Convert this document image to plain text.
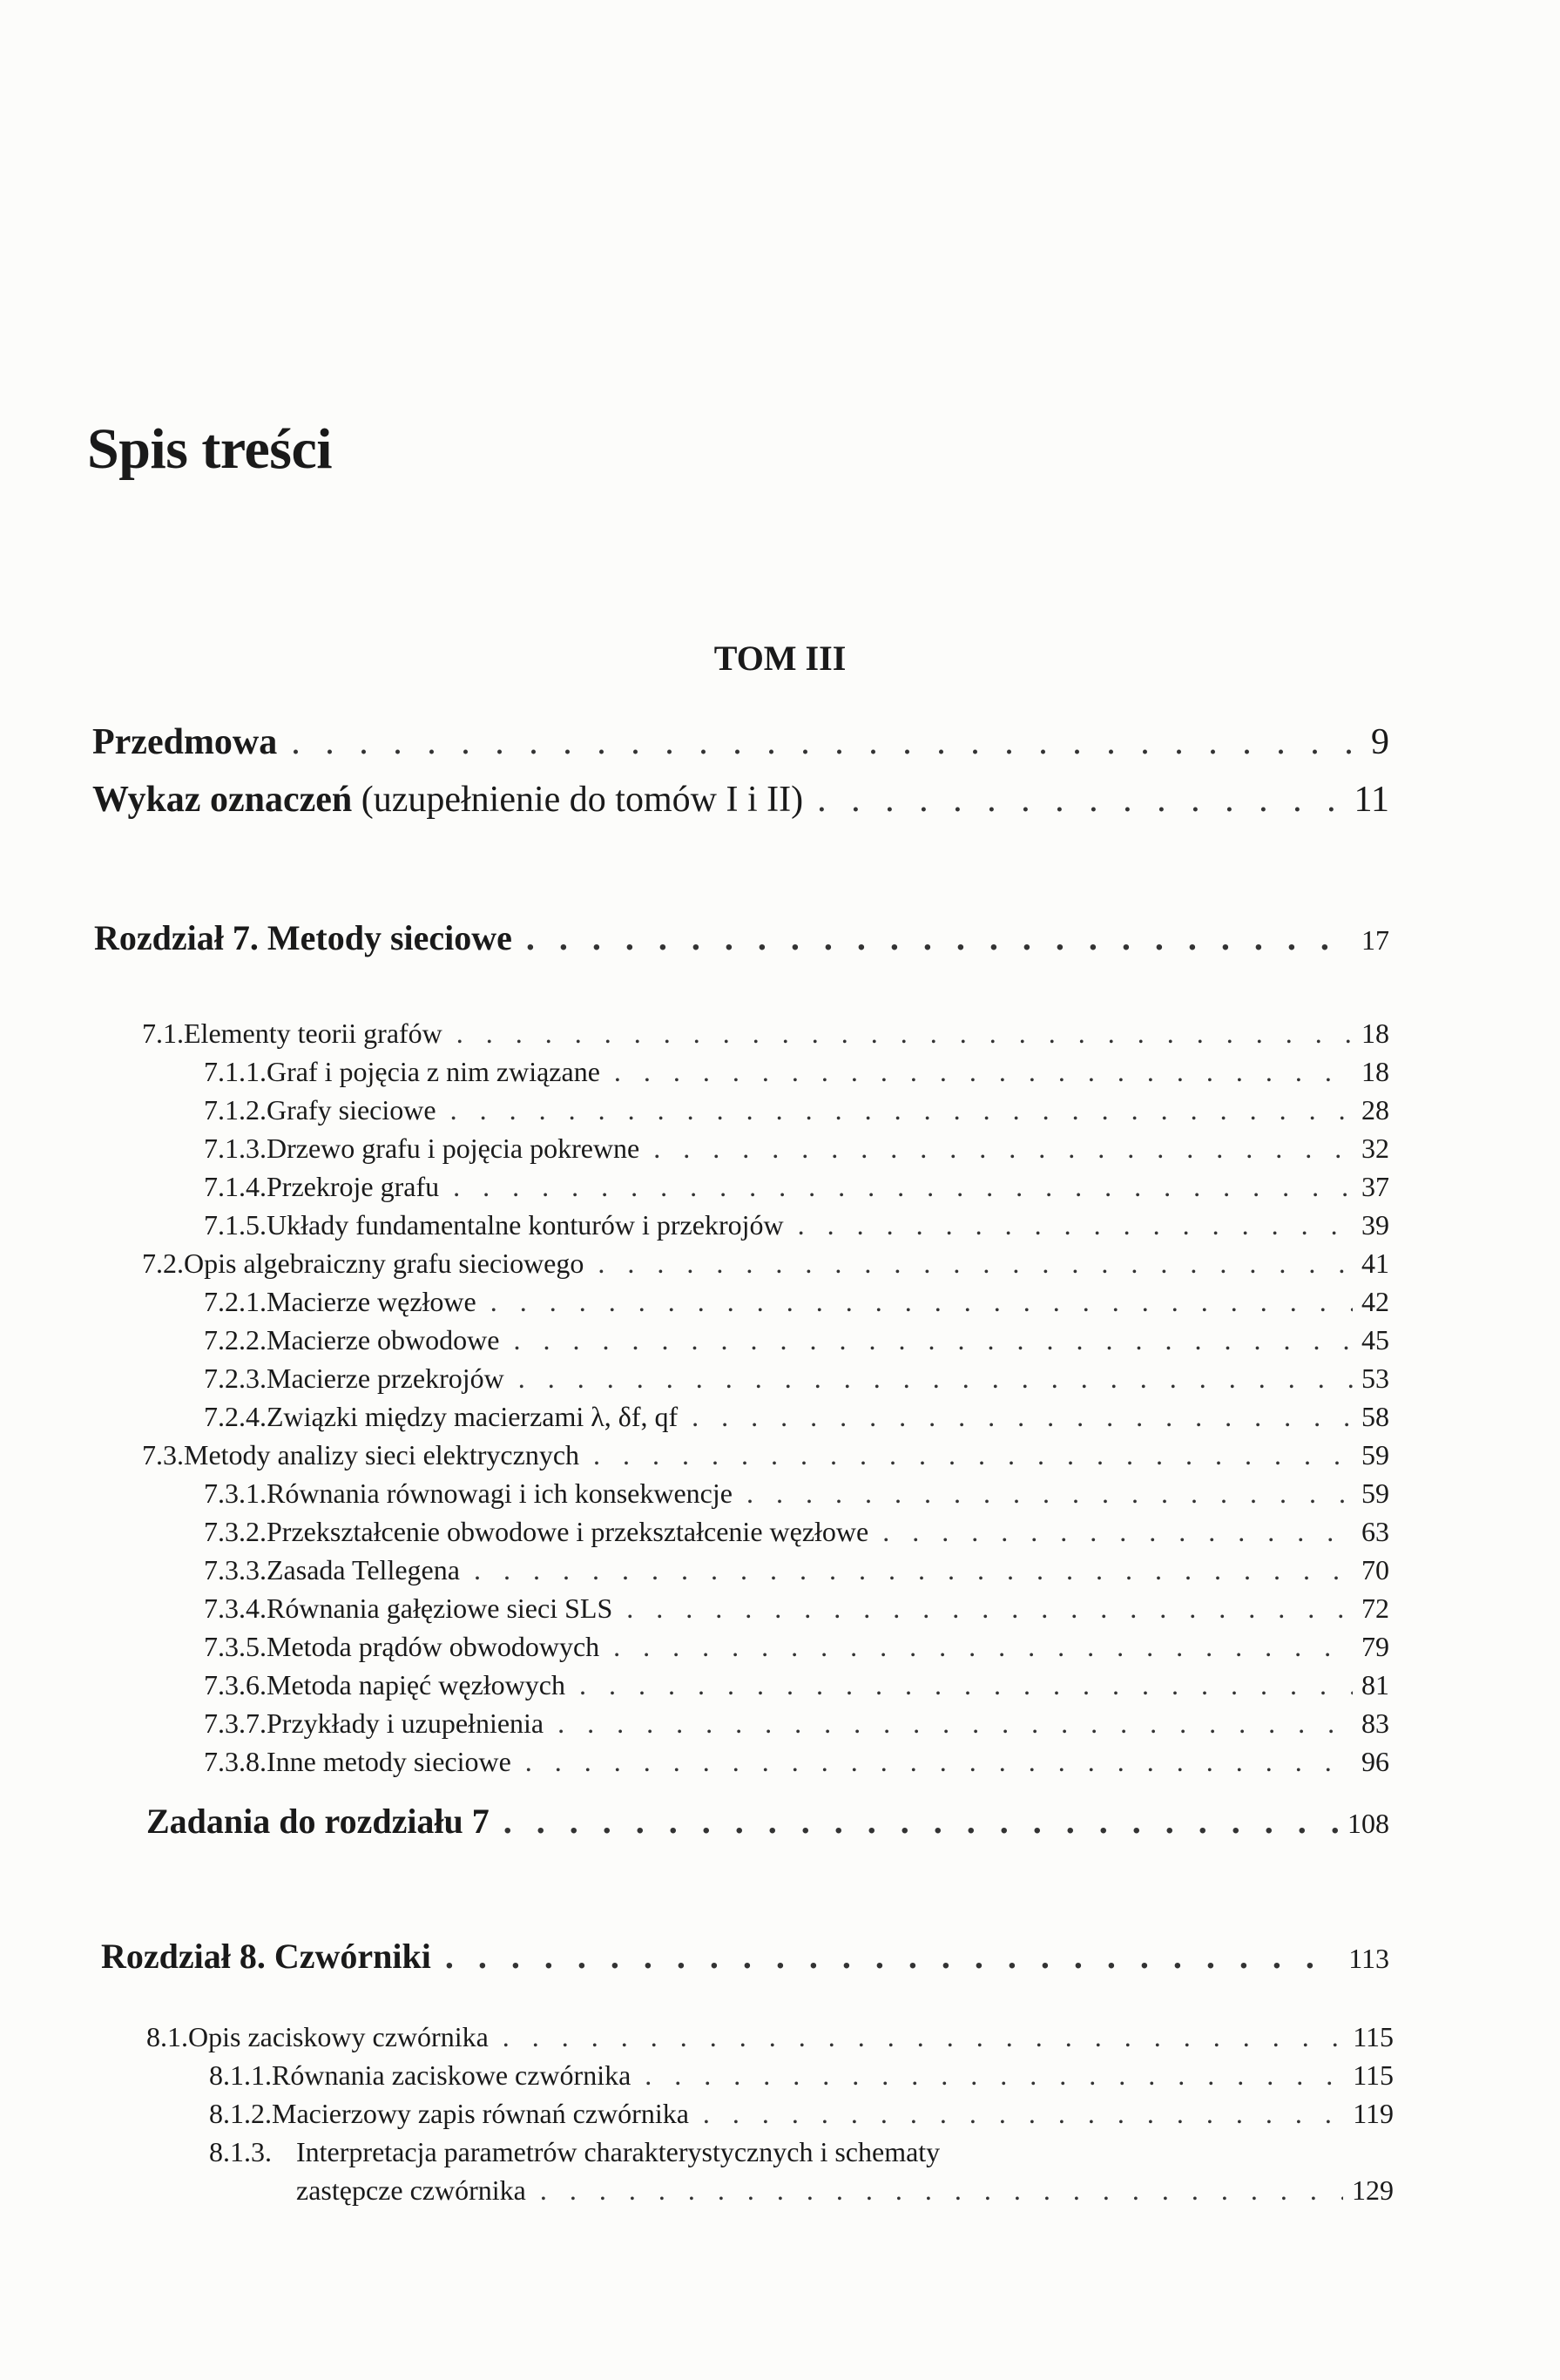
Spis treści
TOM III
Przedmowa . . .	9
Wykaz oznaczeń (uzupełnienie do tomów I i II) . . .	11
Rozdział 7.
Metody sieciowe . . .	17
7.1. Elementy teorii grafów . . .	18
7.1.1. Graf i pojęcia z nim związane . . .	18
7.1.2. Grafy sieciowe . . .	28
7.1.3. Drzewo grafu i pojęcia pokrewne . . .	32
7.1.4. Przekroje grafu . . .	37
7.1.5. Układy fundamentalne konturów i przekrojów . . .	39
7.2. Opis algebraiczny grafu sieciowego . . .	41
7.2.1. Macierze węzłowe . . .	42
7.2.2. Macierze obwodowe . . .	45
7.2.3. Macierze przekrojów . . .	53
7.2.4. Związki między macierzami λ, δf, qf . . .	58
7.3. Metody analizy sieci elektrycznych . . .	59
7.3.1. Równania równowagi i ich konsekwencje . . .	59
7.3.2. Przekształcenie obwodowe i przekształcenie węzłowe . . .	63
7.3.3. Zasada Tellegena . . .	70
7.3.4. Równania gałęziowe sieci SLS . . .	72
7.3.5. Metoda prądów obwodowych . . .	79
7.3.6. Metoda napięć węzłowych . . .	81
7.3.7. Przykłady i uzupełnienia . . .	83
7.3.8. Inne metody sieciowe . . .	96
Zadania do rozdziału 7 . . .	108
Rozdział 8.
Czwórniki . . .	113
8.1. Opis zaciskowy czwórnika . . .	115
8.1.1. Równania zaciskowe czwórnika . . .	115
8.1.2. Macierzowy zapis równań czwórnika . . .	119
8.1.3. Interpretacja parametrów charakterystycznych i schematy
zastępcze czwórnika . . .	129
